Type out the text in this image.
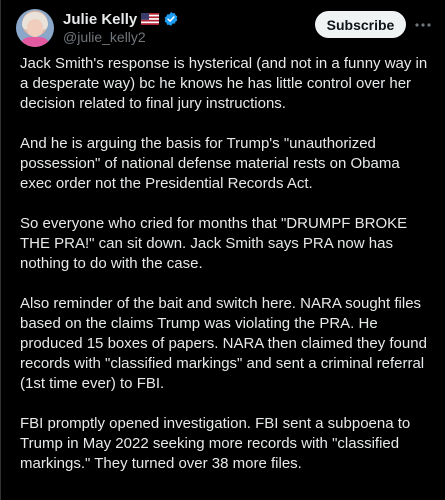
Julie Kelly
@julie_kelly2
Subscribe

Jack Smith's response is hysterical (and not in a funny way in a desperate way) bc he knows he has little control over her decision related to final jury instructions.

And he is arguing the basis for Trump's "unauthorized possession" of national defense material rests on Obama exec order not the Presidential Records Act.

So everyone who cried for months that "DRUMPF BROKE THE PRA!" can sit down. Jack Smith says PRA now has nothing to do with the case.

Also reminder of the bait and switch here. NARA sought files based on the claims Trump was violating the PRA. He produced 15 boxes of papers. NARA then claimed they found records with "classified markings" and sent a criminal referral (1st time ever) to FBI.

FBI promptly opened investigation. FBI sent a subpoena to Trump in May 2022 seeking more records with "classified markings." They turned over 38 more files.
